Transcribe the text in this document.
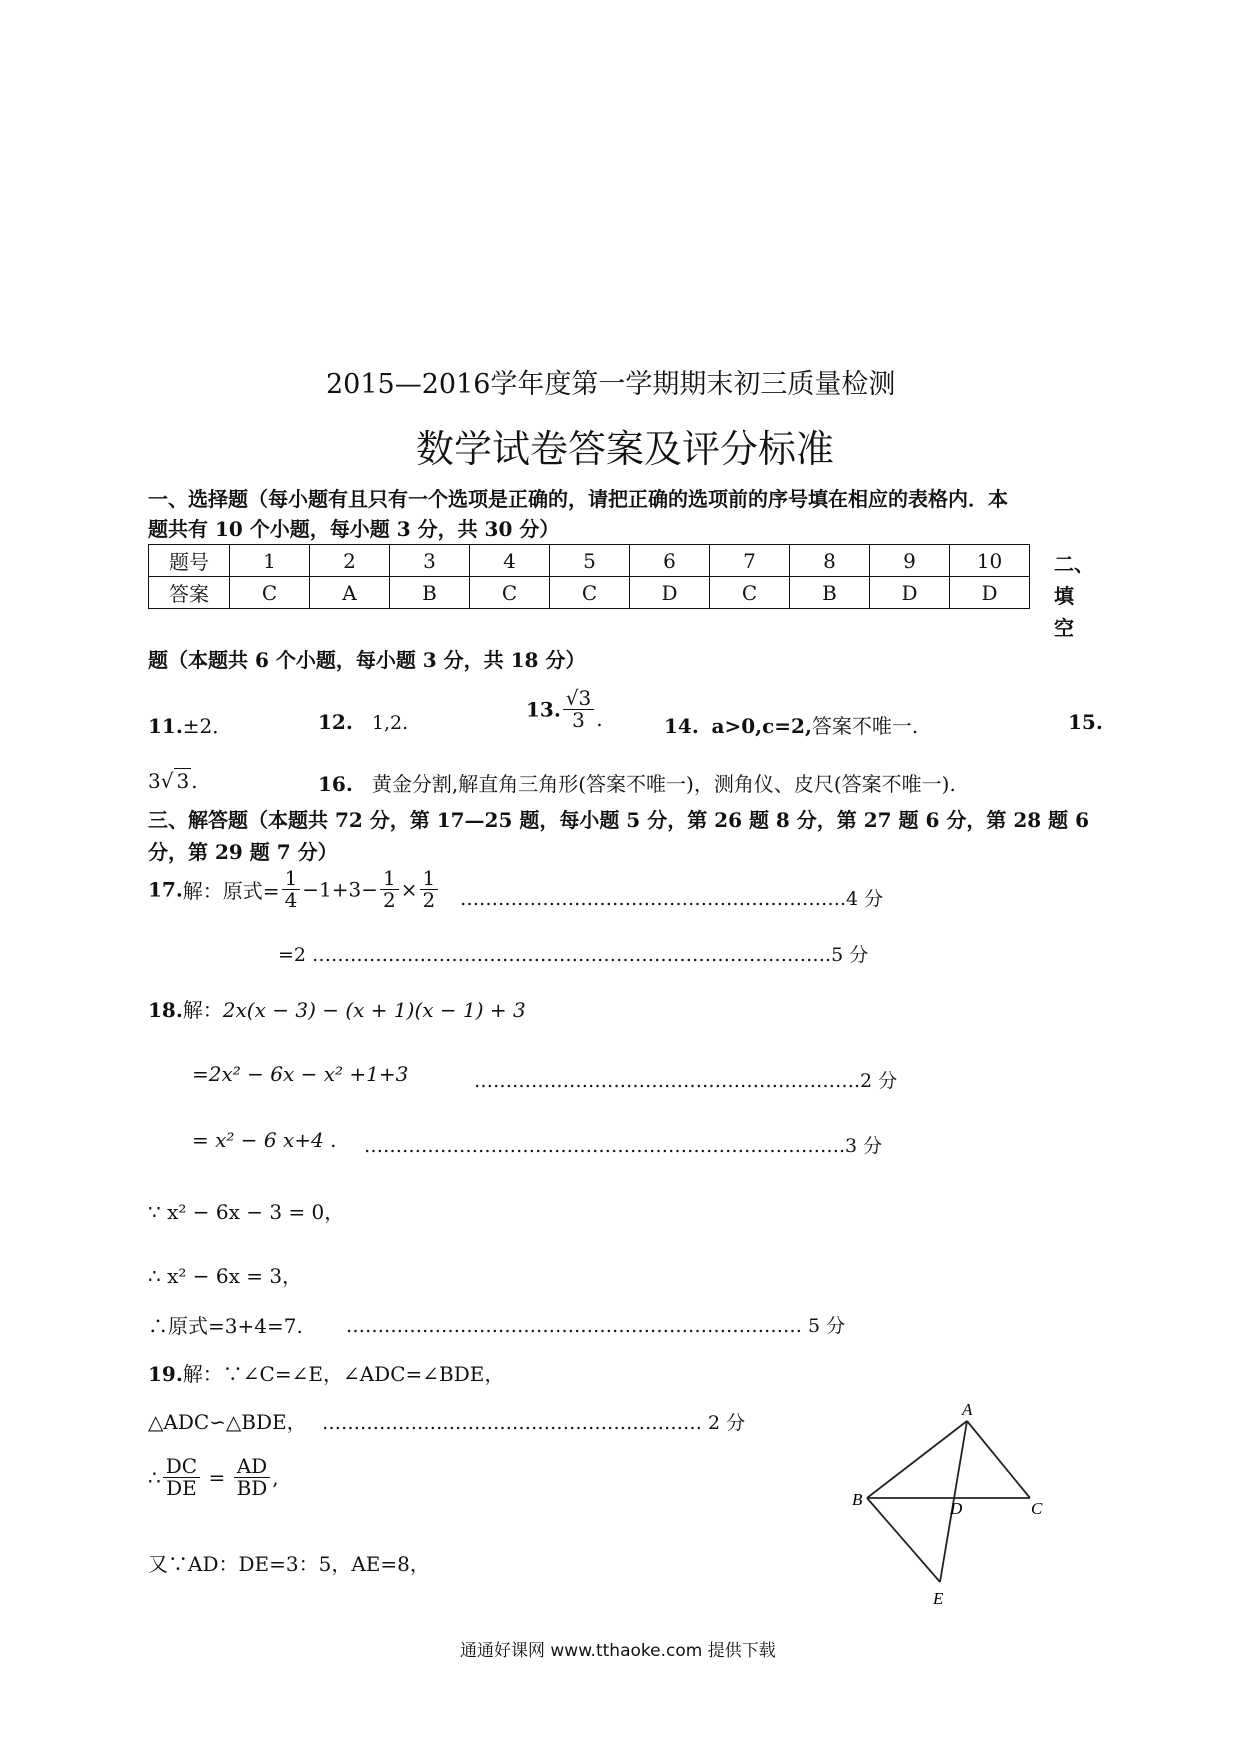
2015—2016学年度第一学期期末初三质量检测
数学试卷答案及评分标准
一、选择题（每小题有且只有一个选项是正确的，请把正确的选项前的序号填在相应的表格内．本
题共有 10 个小题，每小题 3 分，共 30 分）
题号	1	2	3	4	5	6	7	8	9	10
答案	C	A	B	C	C	D	C	B	D	D
二、
填
空
题（本题共 6 个小题，每小题 3 分，共 18 分）
11.±2．	12. 1,2.
13. $\frac{√3}{3}$ .	14. a>0,c=2,答案不唯一.	15.
3√ 3 .	16. 黄金分割,解直角三角形(答案不唯一)，测角仪、皮尺(答案不唯一).
三、解答题（本题共 72 分，第 17—25 题，每小题 5 分，第 26 题 8 分，第 27 题 6 分，第 28 题 6
分，第 29 题 7 分）
17.解：原式= $\frac{1}{4} -1+3- \frac{1}{2} \times \frac{1}{2}$ …………………………………………………….4 分
=2 ……………………………………………………………………….5 分
18.解：2x(x − 3) − (x + 1)(x − 1) + 3
=2x² − 6x − x² +1+3	…………………………………………………….2 分
= x² − 6 x+4 . ………………………………………………………………….3 分
∵ x² − 6x − 3 = 0，
∴ x² − 6x = 3，
∴原式=3+4=7. ……………………………………………………………… 5 分
19.解：∵∠C=∠E，∠ADC=∠BDE，
△ADC∽△BDE， …………………………………………………… 2 分
∴ $\frac{DC}{DE} = \frac{AD}{BD}$ ,
又∵AD：DE=3：5，AE=8，
A
B	D	C
E
通通好课网 www.tthaoke.com 提供下载
